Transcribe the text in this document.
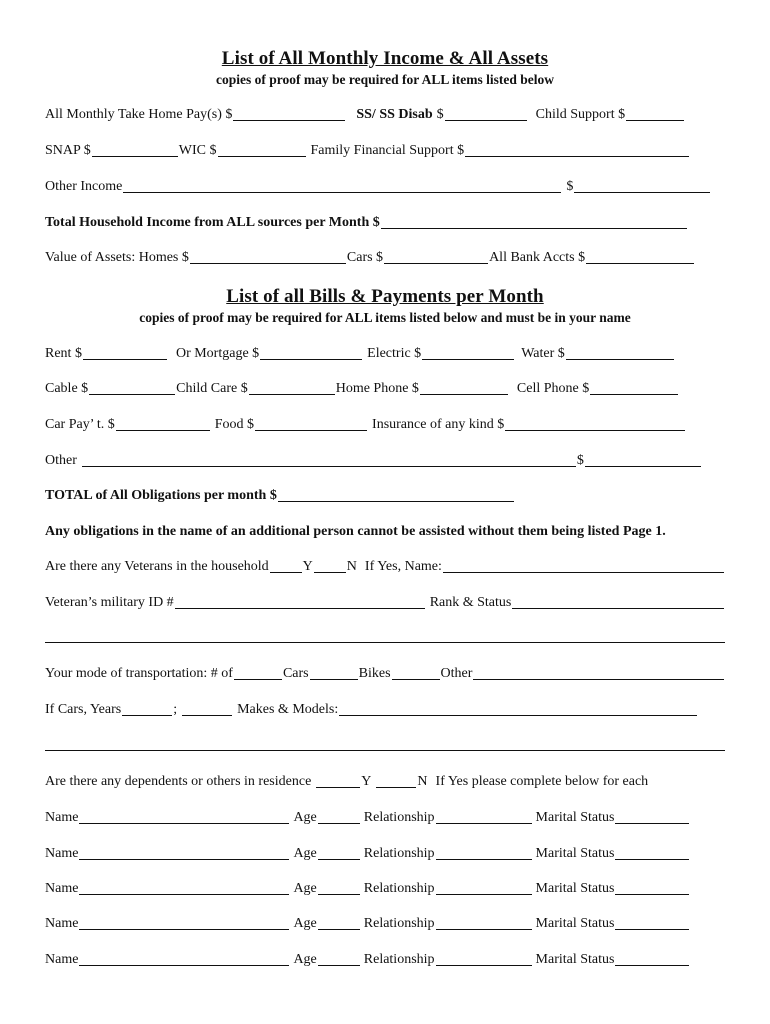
List of All Monthly Income & All Assets
copies of proof may be required for ALL items listed below
All Monthly Take Home Pay(s) $	SS/ SS Disab $	Child Support $
SNAP $	WIC $	Family Financial Support $
Other Income	$
Total Household Income from ALL sources per Month $
Value of Assets: Homes $	Cars $	All Bank Accts $
List of all Bills & Payments per Month
copies of proof may be required for ALL items listed below and must be in your name
Rent $	Or Mortgage $	Electric $	Water $
Cable $	Child Care $	Home Phone $	Cell Phone $
Car Pay’ t. $	Food $	Insurance of any kind $
Other	$
TOTAL of All Obligations per month $
Any obligations in the name of an additional person cannot be assisted without them being listed Page 1.
Are there any Veterans in the household Y N If Yes, Name:
Veteran’s military ID #	Rank & Status
Your mode of transportation: # of	Cars	Bikes	Other
If Cars, Years	;	Makes & Models:
Are there any dependents or others in residence	Y	N If Yes please complete below for each
Name	Age	Relationship	Marital Status
Name	Age	Relationship	Marital Status
Name	Age	Relationship	Marital Status
Name	Age	Relationship	Marital Status
Name	Age	Relationship	Marital Status
